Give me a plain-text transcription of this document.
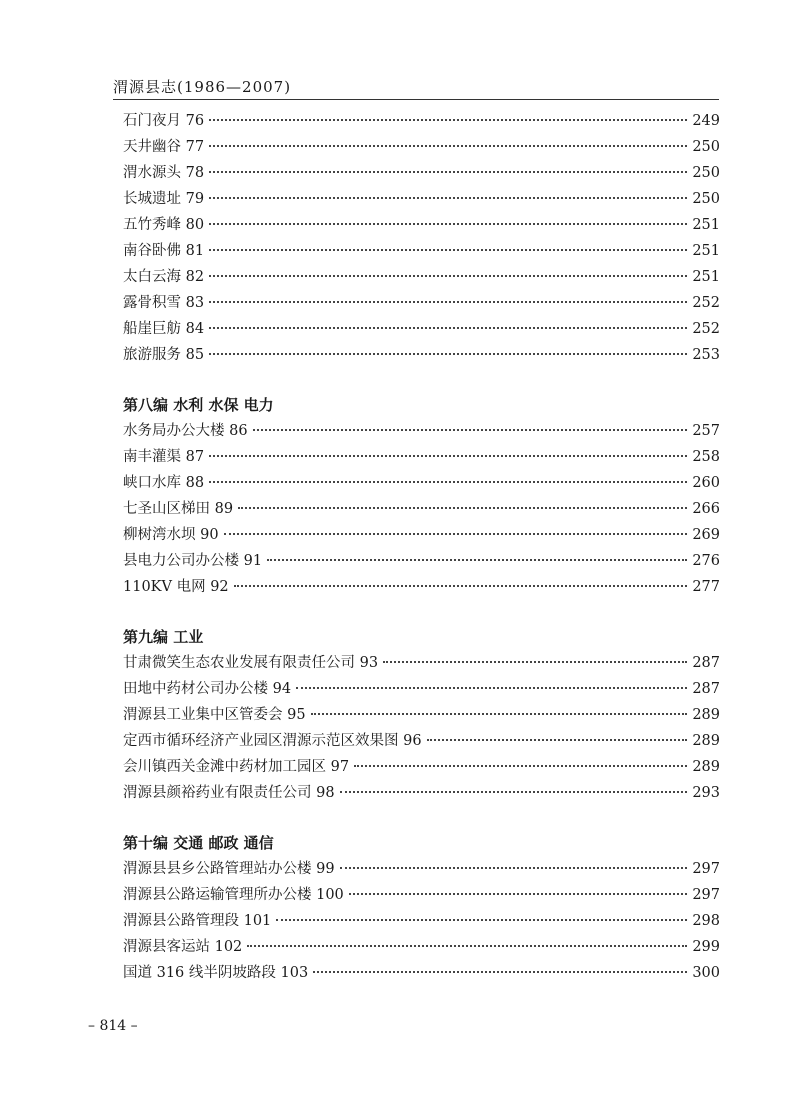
渭源县志(1986—2007)
石门夜月 76	249
天井幽谷 77	250
渭水源头 78	250
长城遗址 79	250
五竹秀峰 80	251
南谷卧佛 81	251
太白云海 82	251
露骨积雪 83	252
船崖巨舫 84	252
旅游服务 85	253
第八编 水利 水保 电力
水务局办公大楼 86	257
南丰灌渠 87	258
峡口水库 88	260
七圣山区梯田 89	266
柳树湾水坝 90	269
县电力公司办公楼 91	276
110KV 电网 92	277
第九编 工业
甘肃微笑生态农业发展有限责任公司 93	287
田地中药材公司办公楼 94	287
渭源县工业集中区管委会 95	289
定西市循环经济产业园区渭源示范区效果图 96	289
会川镇西关金滩中药材加工园区 97	289
渭源县颜裕药业有限责任公司 98	293
第十编 交通 邮政 通信
渭源县县乡公路管理站办公楼 99	297
渭源县公路运输管理所办公楼 100	297
渭源县公路管理段 101	298
渭源县客运站 102	299
国道 316 线半阴坡路段 103	300
– 814 –
